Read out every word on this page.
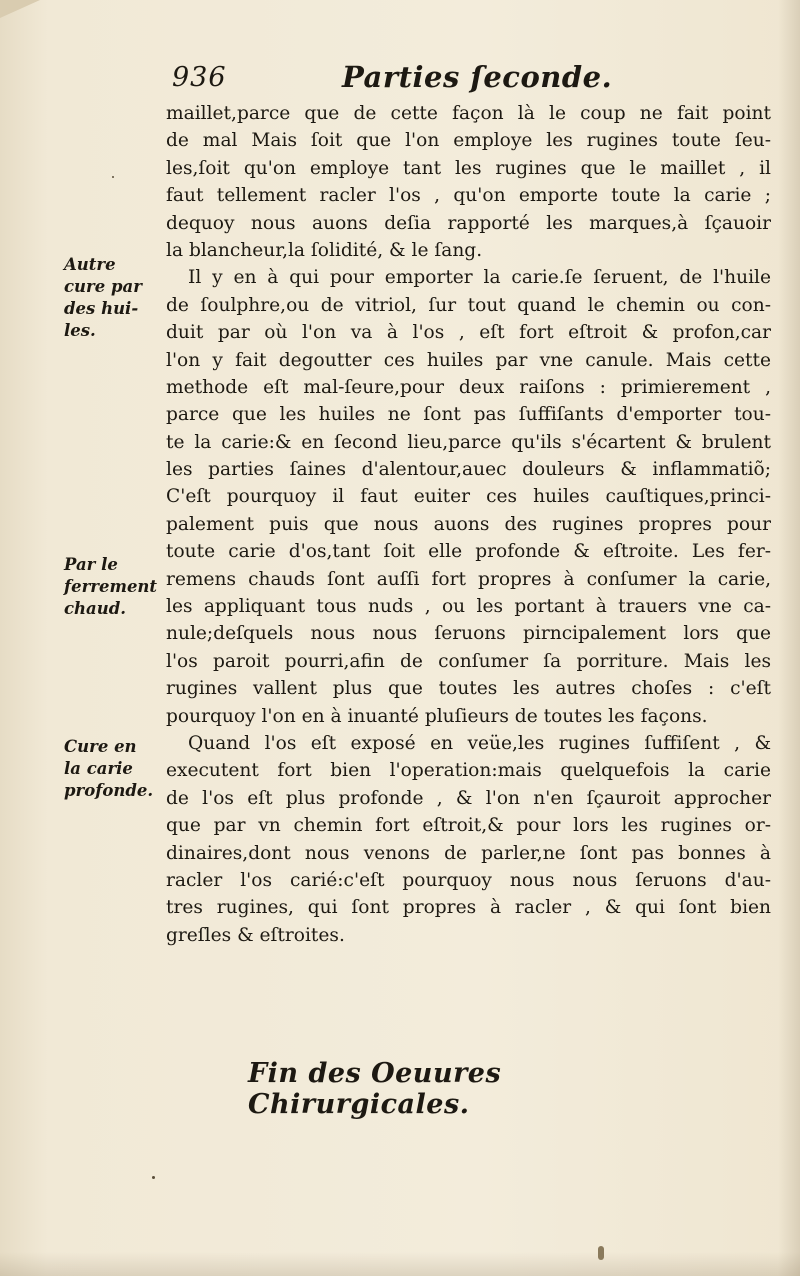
936	Parties ſeconde.
Autre
cure par
des hui-
les.
Par le
ferrement
chaud.
Cure en
la carie
profonde.
maillet,parce que de cette façon là le coup ne fait point
de mal Mais ſoit que l'on employe les rugines toute ſeu-
les,ſoit qu'on employe tant les rugines que le maillet , il
faut tellement racler l'os , qu'on emporte toute la carie ;
dequoy nous auons deſia rapporté les marques,à ſçauoir
la blancheur,la ſolidité, & le ſang.
Il y en à qui pour emporter la carie.ſe ſeruent, de l'huile
de ſoulphre,ou de vitriol, ſur tout quand le chemin ou con-
duit par où l'on va à l'os , eſt fort eſtroit & profon,car
l'on y fait degoutter ces huiles par vne canule. Mais cette
methode eſt mal-ſeure,pour deux raiſons : primierement ,
parce que les huiles ne ſont pas ſuffiſants d'emporter tou-
te la carie:& en ſecond lieu,parce qu'ils s'écartent & brulent
les parties ſaines d'alentour,auec douleurs & inflammatiõ;
C'eſt pourquoy il faut euiter ces huiles cauſtiques,princi-
palement puis que nous auons des rugines propres pour
toute carie d'os,tant ſoit elle profonde & eſtroite. Les fer-
remens chauds ſont auſſi fort propres à conſumer la carie,
les appliquant tous nuds , ou les portant à trauers vne ca-
nule;deſquels nous nous ſeruons pirncipalement lors que
l'os paroit pourri,afin de conſumer ſa porriture. Mais les
rugines vallent plus que toutes les autres choſes : c'eſt
pourquoy l'on en à inuanté pluſieurs de toutes les façons.
Quand l'os eſt exposé en veüe,les rugines ſuffiſent , &
executent fort bien l'operation:mais quelquefois la carie
de l'os eſt plus profonde , & l'on n'en ſçauroit approcher
que par vn chemin fort eſtroit,& pour lors les rugines or-
dinaires,dont nous venons de parler,ne ſont pas bonnes à
racler l'os carié:c'eſt pourquoy nous nous ſeruons d'au-
tres rugines, qui ſont propres à racler , & qui ſont bien
greſles & eſtroites.
Fin des Oeuures Chirurgicales.
